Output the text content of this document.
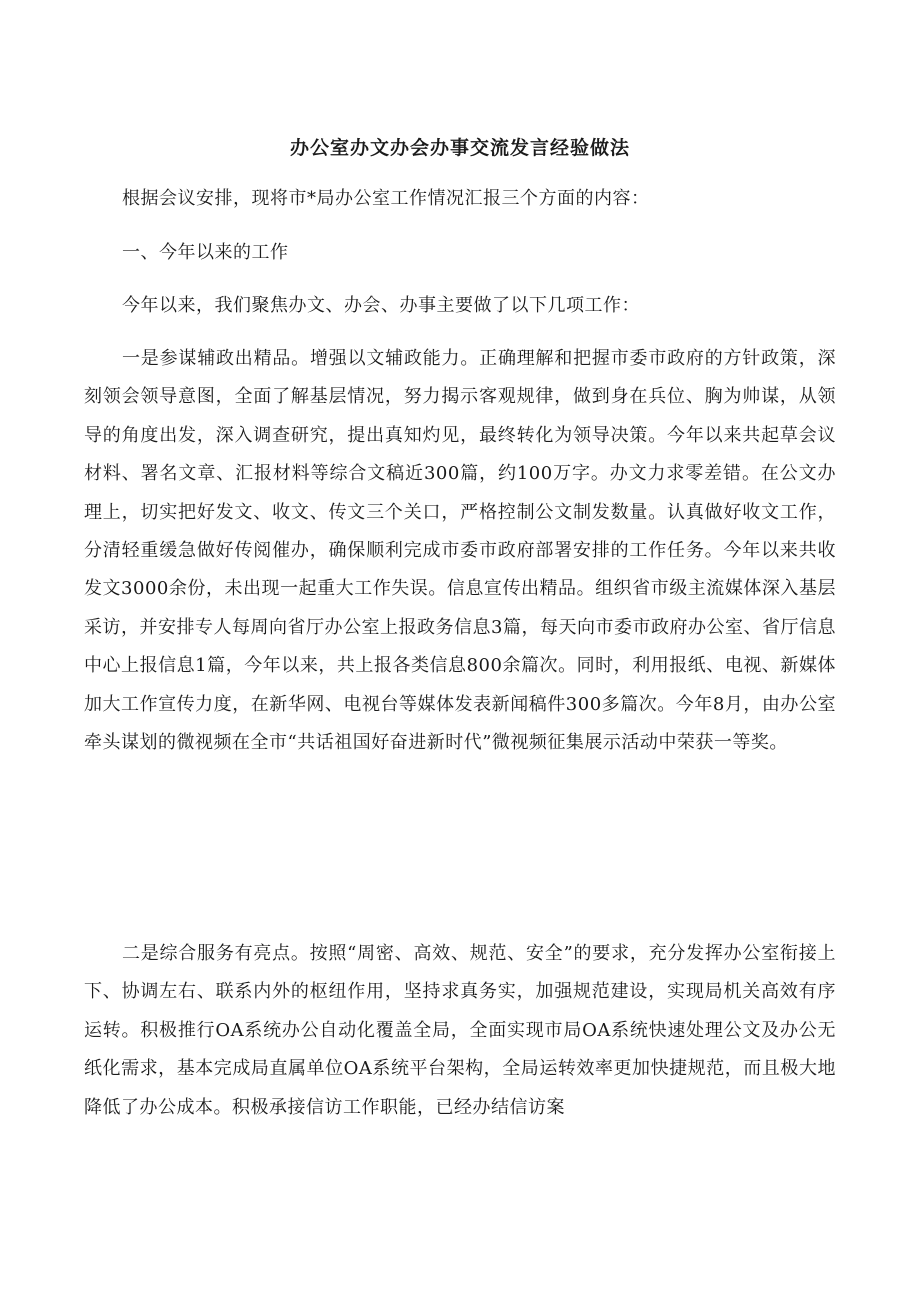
办公室办文办会办事交流发言经验做法

根据会议安排，现将市*局办公室工作情况汇报三个方面的内容：

一、今年以来的工作

今年以来，我们聚焦办文、办会、办事主要做了以下几项工作：

一是参谋辅政出精品。增强以文辅政能力。正确理解和把握市委市政府的方针政策，深刻领会领导意图，全面了解基层情况，努力揭示客观规律，做到身在兵位、胸为帅谋，从领导的角度出发，深入调查研究，提出真知灼见，最终转化为领导决策。今年以来共起草会议材料、署名文章、汇报材料等综合文稿近300篇，约100万字。办文力求零差错。在公文办理上，切实把好发文、收文、传文三个关口，严格控制公文制发数量。认真做好收文工作，分清轻重缓急做好传阅催办，确保顺利完成市委市政府部署安排的工作任务。今年以来共收发文3000余份，未出现一起重大工作失误。信息宣传出精品。组织省市级主流媒体深入基层采访，并安排专人每周向省厅办公室上报政务信息3篇，每天向市委市政府办公室、省厅信息中心上报信息1篇，今年以来，共上报各类信息800余篇次。同时，利用报纸、电视、新媒体加大工作宣传力度，在新华网、电视台等媒体发表新闻稿件300多篇次。今年8月，由办公室牵头谋划的微视频在全市“共话祖国好奋进新时代”微视频征集展示活动中荣获一等奖。

二是综合服务有亮点。按照“周密、高效、规范、安全”的要求，充分发挥办公室衔接上下、协调左右、联系内外的枢纽作用，坚持求真务实，加强规范建设，实现局机关高效有序运转。积极推行OA系统办公自动化覆盖全局，全面实现市局OA系统快速处理公文及办公无纸化需求，基本完成局直属单位OA系统平台架构，全局运转效率更加快捷规范，而且极大地降低了办公成本。积极承接信访工作职能，已经办结信访案
